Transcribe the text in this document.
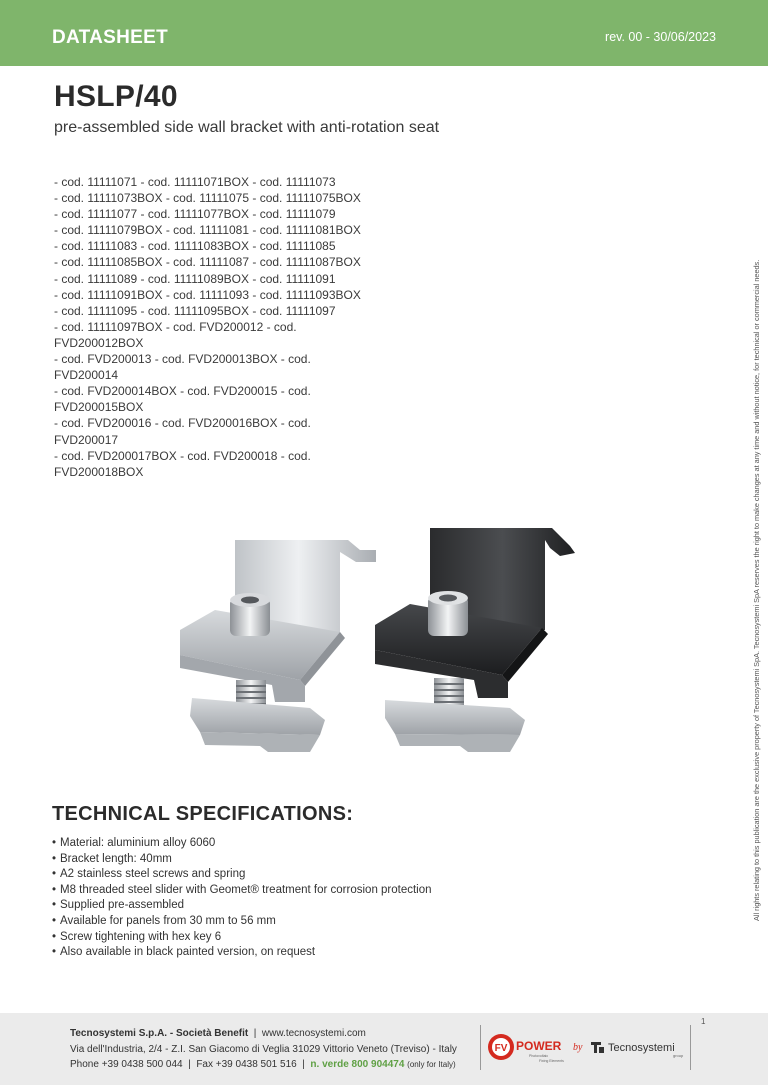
DATASHEET	rev. 00 - 30/06/2023
HSLP/40
pre-assembled side wall bracket with anti-rotation seat
- cod. 11111071 - cod. 11111071BOX - cod. 11111073
- cod. 11111073BOX - cod. 11111075 - cod. 11111075BOX
- cod. 11111077 - cod. 11111077BOX - cod. 11111079
- cod. 11111079BOX - cod. 11111081 - cod. 11111081BOX
- cod. 11111083 - cod. 11111083BOX - cod. 11111085
- cod. 11111085BOX - cod. 11111087 - cod. 11111087BOX
- cod. 11111089 - cod. 11111089BOX - cod. 11111091
- cod. 11111091BOX - cod. 11111093 - cod. 11111093BOX
- cod. 11111095 - cod. 11111095BOX - cod. 11111097
- cod. 11111097BOX - cod. FVD200012 - cod.
FVD200012BOX
- cod. FVD200013 - cod. FVD200013BOX - cod.
FVD200014
- cod. FVD200014BOX - cod. FVD200015 - cod.
FVD200015BOX
- cod. FVD200016 - cod. FVD200016BOX - cod.
FVD200017
- cod. FVD200017BOX - cod. FVD200018 - cod.
FVD200018BOX
TECHNICAL SPECIFICATIONS:
• Material: aluminium alloy 6060
• Bracket length: 40mm
• A2 stainless steel screws and spring
• M8 threaded steel slider with Geomet® treatment for corrosion protection
• Supplied pre-assembled
• Available for panels from 30 mm to 56 mm
• Screw tightening with hex key 6
• Also available in black painted version, on request
All rights relating to this publication are the exclusive property of Tecnosystemi SpA. Tecnosystemi SpA reserves the right to make changes at any time and without notice, for technical or commercial needs.
Tecnosystemi S.p.A. - Società Benefit  |  www.tecnosystemi.com
Via dell'Industria, 2/4 - Z.I. San Giacomo di Veglia 31029 Vittorio Veneto (Treviso) - Italy
Phone +39 0438 500 044  |  Fax +39 0438 501 516  |  n. verde 800 904474 (only for Italy)
FV POWER
Photovoltaic
Fixing Elements
by Tecnosystemi
group
1
